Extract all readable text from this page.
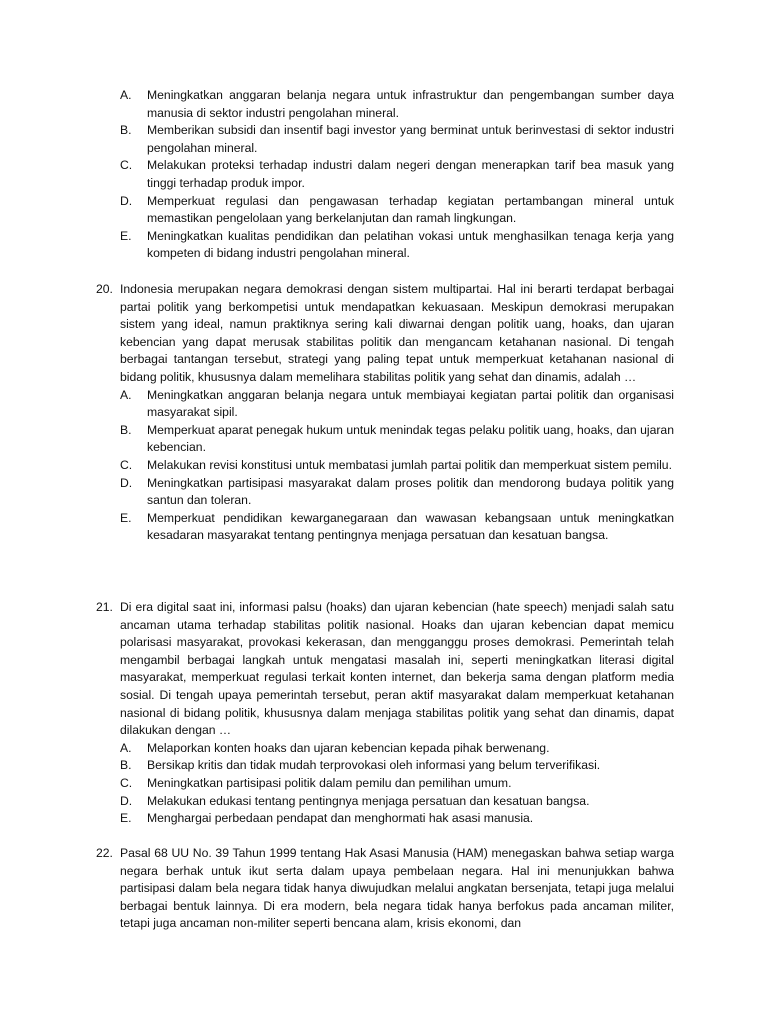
A. Meningkatkan anggaran belanja negara untuk infrastruktur dan pengembangan sumber daya manusia di sektor industri pengolahan mineral.
B. Memberikan subsidi dan insentif bagi investor yang berminat untuk berinvestasi di sektor industri pengolahan mineral.
C. Melakukan proteksi terhadap industri dalam negeri dengan menerapkan tarif bea masuk yang tinggi terhadap produk impor.
D. Memperkuat regulasi dan pengawasan terhadap kegiatan pertambangan mineral untuk memastikan pengelolaan yang berkelanjutan dan ramah lingkungan.
E. Meningkatkan kualitas pendidikan dan pelatihan vokasi untuk menghasilkan tenaga kerja yang kompeten di bidang industri pengolahan mineral.
20. Indonesia merupakan negara demokrasi dengan sistem multipartai. Hal ini berarti terdapat berbagai partai politik yang berkompetisi untuk mendapatkan kekuasaan. Meskipun demokrasi merupakan sistem yang ideal, namun praktiknya sering kali diwarnai dengan politik uang, hoaks, dan ujaran kebencian yang dapat merusak stabilitas politik dan mengancam ketahanan nasional. Di tengah berbagai tantangan tersebut, strategi yang paling tepat untuk memperkuat ketahanan nasional di bidang politik, khususnya dalam memelihara stabilitas politik yang sehat dan dinamis, adalah …
A. Meningkatkan anggaran belanja negara untuk membiayai kegiatan partai politik dan organisasi masyarakat sipil.
B. Memperkuat aparat penegak hukum untuk menindak tegas pelaku politik uang, hoaks, dan ujaran kebencian.
C. Melakukan revisi konstitusi untuk membatasi jumlah partai politik dan memperkuat sistem pemilu.
D. Meningkatkan partisipasi masyarakat dalam proses politik dan mendorong budaya politik yang santun dan toleran.
E. Memperkuat pendidikan kewarganegaraan dan wawasan kebangsaan untuk meningkatkan kesadaran masyarakat tentang pentingnya menjaga persatuan dan kesatuan bangsa.
21. Di era digital saat ini, informasi palsu (hoaks) dan ujaran kebencian (hate speech) menjadi salah satu ancaman utama terhadap stabilitas politik nasional. Hoaks dan ujaran kebencian dapat memicu polarisasi masyarakat, provokasi kekerasan, dan mengganggu proses demokrasi. Pemerintah telah mengambil berbagai langkah untuk mengatasi masalah ini, seperti meningkatkan literasi digital masyarakat, memperkuat regulasi terkait konten internet, dan bekerja sama dengan platform media sosial. Di tengah upaya pemerintah tersebut, peran aktif masyarakat dalam memperkuat ketahanan nasional di bidang politik, khususnya dalam menjaga stabilitas politik yang sehat dan dinamis, dapat dilakukan dengan …
A. Melaporkan konten hoaks dan ujaran kebencian kepada pihak berwenang.
B. Bersikap kritis dan tidak mudah terprovokasi oleh informasi yang belum terverifikasi.
C. Meningkatkan partisipasi politik dalam pemilu dan pemilihan umum.
D. Melakukan edukasi tentang pentingnya menjaga persatuan dan kesatuan bangsa.
E. Menghargai perbedaan pendapat dan menghormati hak asasi manusia.
22. Pasal 68 UU No. 39 Tahun 1999 tentang Hak Asasi Manusia (HAM) menegaskan bahwa setiap warga negara berhak untuk ikut serta dalam upaya pembelaan negara. Hal ini menunjukkan bahwa partisipasi dalam bela negara tidak hanya diwujudkan melalui angkatan bersenjata, tetapi juga melalui berbagai bentuk lainnya. Di era modern, bela negara tidak hanya berfokus pada ancaman militer, tetapi juga ancaman non-militer seperti bencana alam, krisis ekonomi, dan
